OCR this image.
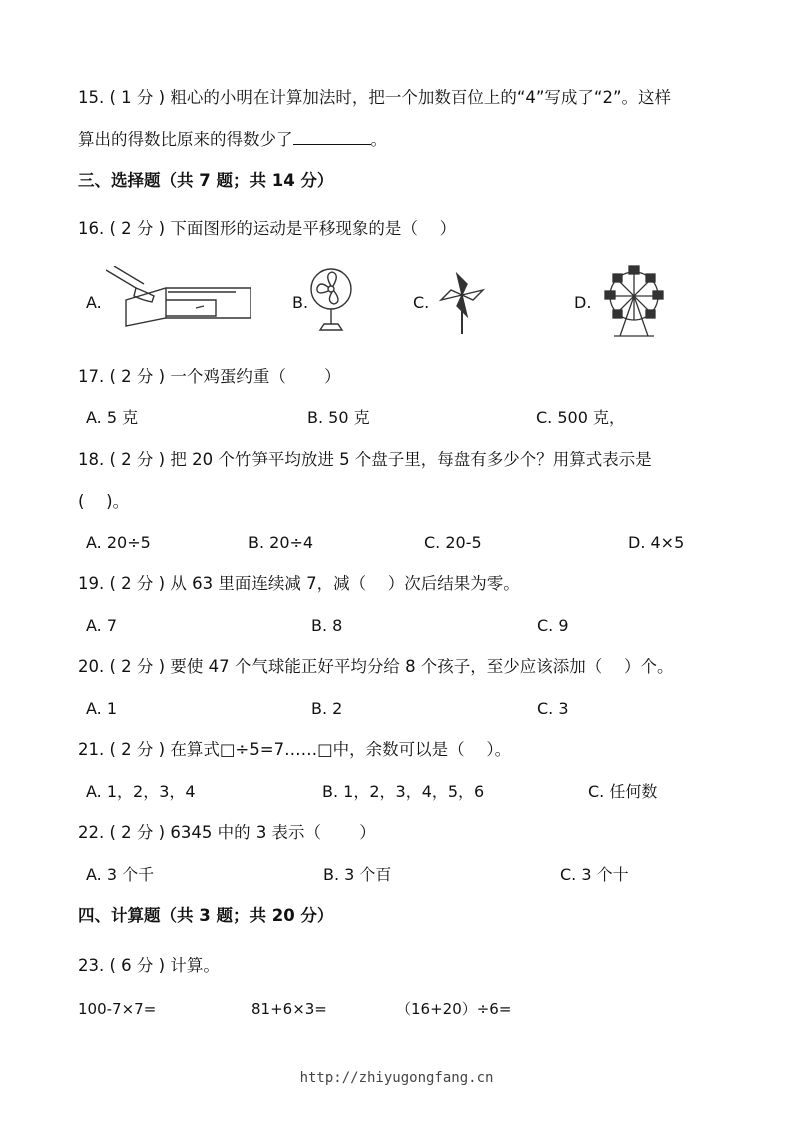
15. ( 1 分 ) 粗心的小明在计算加法时，把一个加数百位上的“4”写成了“2”。这样
算出的得数比原来的得数少了	。
三、选择题（共 7 题；共 14 分）
16. ( 2 分 ) 下面图形的运动是平移现象的是（　 ）
A.	B.	C.	D.
17. ( 2 分 ) 一个鸡蛋约重（　　 ）
A. 5 克	B. 50 克	C. 500 克，
18. ( 2 分 ) 把 20 个竹笋平均放进 5 个盘子里，每盘有多少个？用算式表示是
(　 )。
A. 20÷5	B. 20÷4	C. 20-5	D. 4×5
19. ( 2 分 ) 从 63 里面连续减 7，减（　 ）次后结果为零。
A. 7	B. 8	C. 9
20. ( 2 分 ) 要使 47 个气球能正好平均分给 8 个孩子，至少应该添加（　 ）个。
A. 1	B. 2	C. 3
21. ( 2 分 ) 在算式□÷5=7……□中，余数可以是（　 ）。
A. 1，2，3，4	B. 1，2，3，4，5，6	C. 任何数
22. ( 2 分 ) 6345 中的 3 表示（　　 ）
A. 3 个千	B. 3 个百	C. 3 个十
四、计算题（共 3 题；共 20 分）
23. ( 6 分 ) 计算。
100-7×7=	81+6×3=	（16+20）÷6=
http://zhiyugongfang.cn
